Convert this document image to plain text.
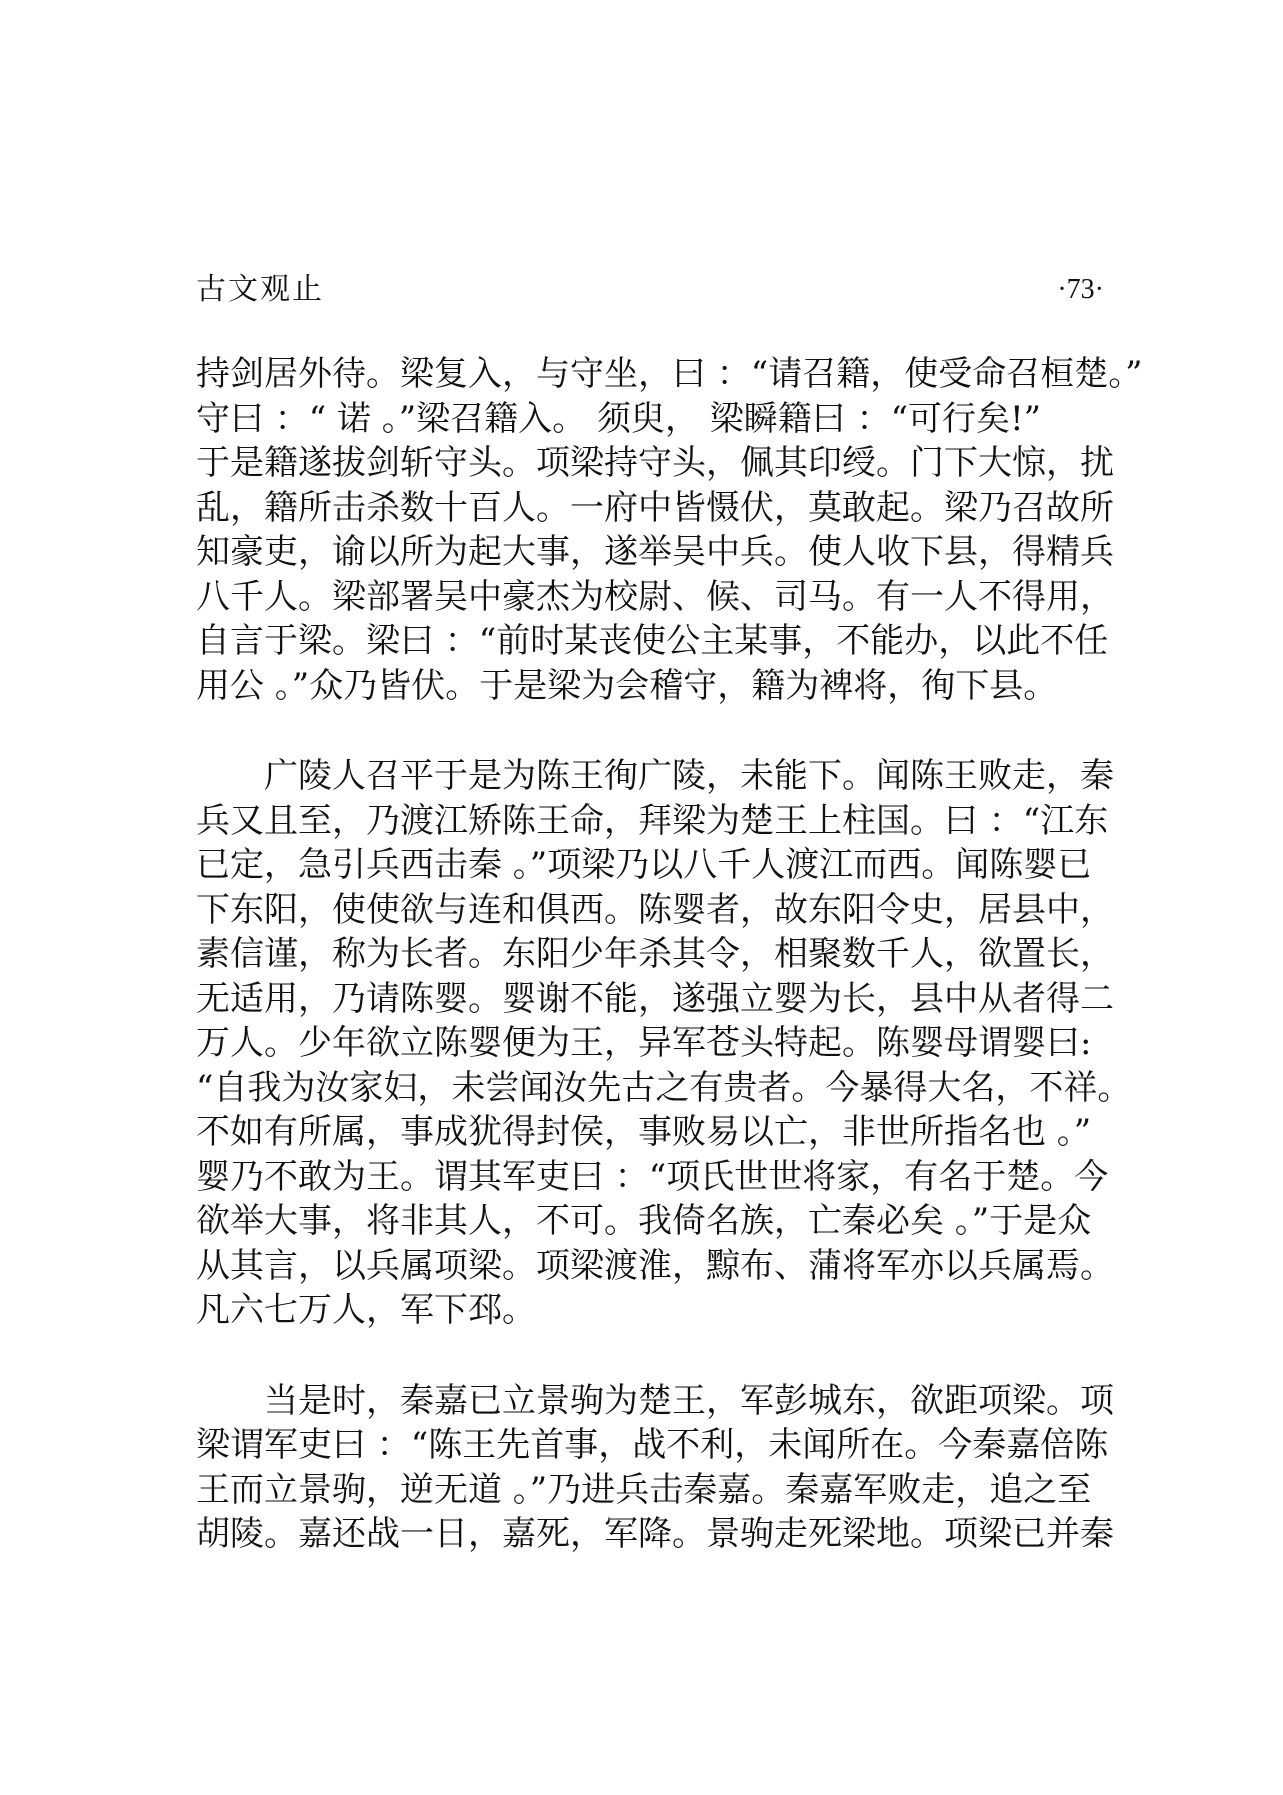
古文观止	·73·
持剑居外待。梁复入，与守坐，曰 ：“请召籍，使受命召桓楚。”
守曰 ：“ 诺 。”梁召籍入。 须臾， 梁瞬籍曰 ：“可行矣!”
于是籍遂拔剑斩守头。项梁持守头，佩其印绶。门下大惊，扰
乱，籍所击杀数十百人。一府中皆慑伏，莫敢起。梁乃召故所
知豪吏，谕以所为起大事，遂举吴中兵。使人收下县，得精兵
八千人。梁部署吴中豪杰为校尉、候、司马。有一人不得用，
自言于梁。梁曰 ：“前时某丧使公主某事，不能办，以此不任
用公 。”众乃皆伏。于是梁为会稽守，籍为裨将，徇下县。
　　广陵人召平于是为陈王徇广陵，未能下。闻陈王败走，秦
兵又且至，乃渡江矫陈王命，拜梁为楚王上柱国。曰 ：“江东
已定，急引兵西击秦 。”项梁乃以八千人渡江而西。闻陈婴已
下东阳，使使欲与连和俱西。陈婴者，故东阳令史，居县中，
素信谨，称为长者。东阳少年杀其令，相聚数千人，欲置长，
无适用，乃请陈婴。婴谢不能，遂强立婴为长，县中从者得二
万人。少年欲立陈婴便为王，异军苍头特起。陈婴母谓婴曰:
“自我为汝家妇，未尝闻汝先古之有贵者。今暴得大名，不祥。
不如有所属，事成犹得封侯，事败易以亡，非世所指名也 。”
婴乃不敢为王。谓其军吏曰 ：“项氏世世将家，有名于楚。今
欲举大事，将非其人，不可。我倚名族，亡秦必矣 。”于是众
从其言，以兵属项梁。项梁渡淮，黥布、蒲将军亦以兵属焉。
凡六七万人，军下邳。
　　当是时，秦嘉已立景驹为楚王，军彭城东，欲距项梁。项
梁谓军吏曰 ：“陈王先首事，战不利，未闻所在。今秦嘉倍陈
王而立景驹，逆无道 。”乃进兵击秦嘉。秦嘉军败走，追之至
胡陵。嘉还战一日，嘉死，军降。景驹走死梁地。项梁已并秦
